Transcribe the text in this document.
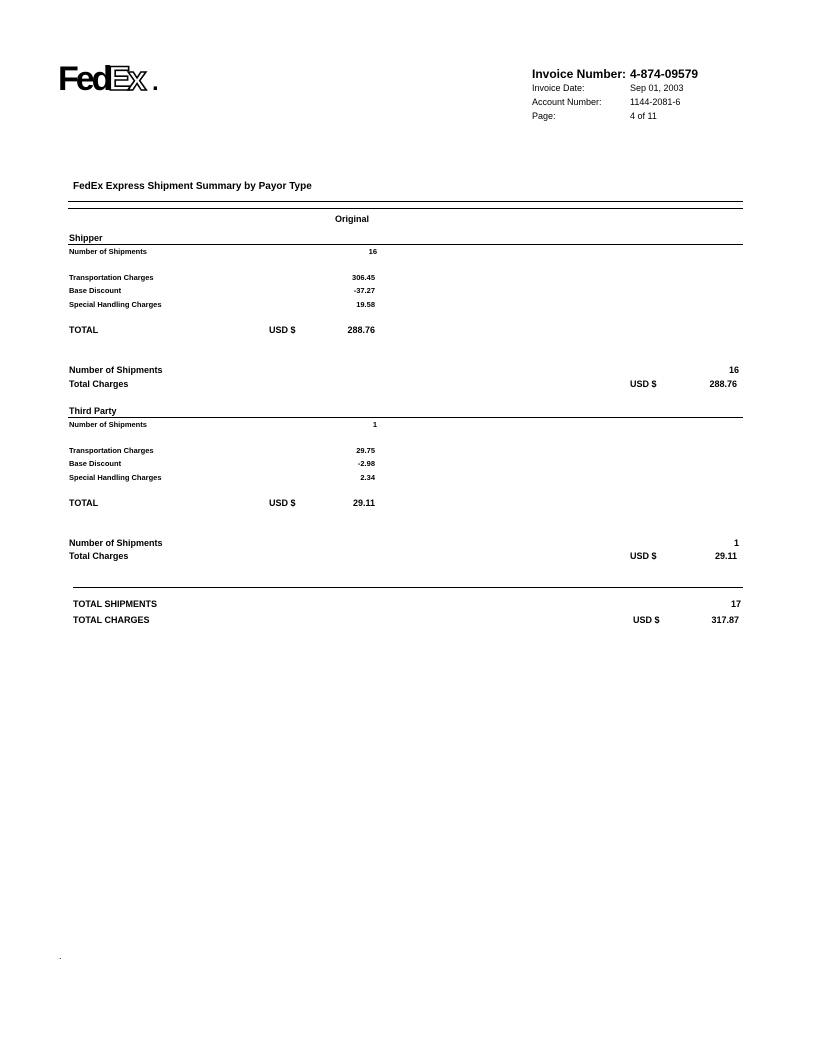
Fed
Ex .	Invoice Number: 4-874-09579
Invoice Date:	Sep 01, 2003
Account Number:	1144-2081-6
Page:	4 of 11
FedEx Express Shipment Summary by Payor Type
Original
Shipper
Number of Shipments	16
Transportation Charges	306.45
Base Discount	-37.27
Special Handling Charges	19.58
TOTAL	USD $	288.76
Number of Shipments	16
Total Charges	USD $	288.76
Third Party
Number of Shipments	1
Transportation Charges	29.75
Base Discount	-2.98
Special Handling Charges	2.34
TOTAL	USD $	29.11
Number of Shipments	1
Total Charges	USD $	29.11
TOTAL SHIPMENTS	17
TOTAL CHARGES	USD $	317.87
.
